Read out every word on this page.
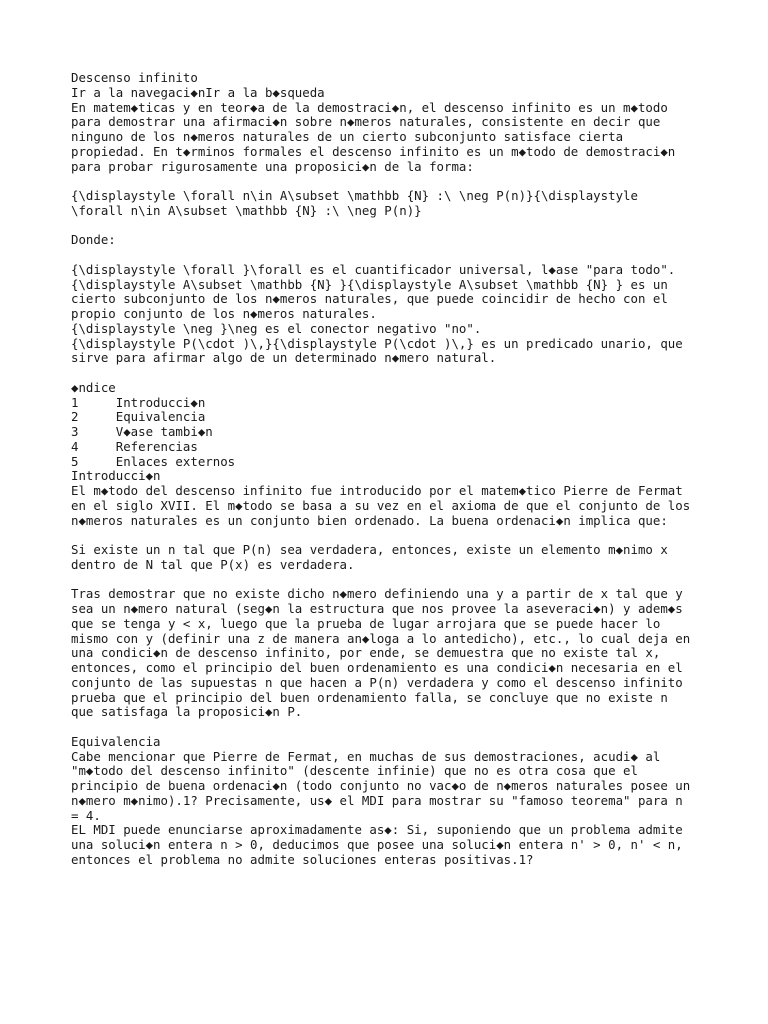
Descenso infinito
Ir a la navegaci◆nIr a la b◆squeda
En matem◆ticas y en teor◆a de la demostraci◆n, el descenso infinito es un m◆todo
para demostrar una afirmaci◆n sobre n◆meros naturales, consistente en decir que
ninguno de los n◆meros naturales de un cierto subconjunto satisface cierta
propiedad. En t◆rminos formales el descenso infinito es un m◆todo de demostraci◆n
para probar rigurosamente una proposici◆n de la forma:
{\displaystyle \forall n\in A\subset \mathbb {N} :\ \neg P(n)}{\displaystyle
\forall n\in A\subset \mathbb {N} :\ \neg P(n)}
Donde:
{\displaystyle \forall }\forall es el cuantificador universal, l◆ase "para todo".
{\displaystyle A\subset \mathbb {N} }{\displaystyle A\subset \mathbb {N} } es un
cierto subconjunto de los n◆meros naturales, que puede coincidir de hecho con el
propio conjunto de los n◆meros naturales.
{\displaystyle \neg }\neg es el conector negativo "no".
{\displaystyle P(\cdot )\,}{\displaystyle P(\cdot )\,} es un predicado unario, que
sirve para afirmar algo de un determinado n◆mero natural.
◆ndice
1     Introducci◆n
2     Equivalencia
3     V◆ase tambi◆n
4     Referencias
5     Enlaces externos
Introducci◆n
El m◆todo del descenso infinito fue introducido por el matem◆tico Pierre de Fermat
en el siglo XVII. El m◆todo se basa a su vez en el axioma de que el conjunto de los
n◆meros naturales es un conjunto bien ordenado. La buena ordenaci◆n implica que:
Si existe un n tal que P(n) sea verdadera, entonces, existe un elemento m◆nimo x
dentro de N tal que P(x) es verdadera.
Tras demostrar que no existe dicho n◆mero definiendo una y a partir de x tal que y
sea un n◆mero natural (seg◆n la estructura que nos provee la aseveraci◆n) y adem◆s
que se tenga y < x, luego que la prueba de lugar arrojara que se puede hacer lo
mismo con y (definir una z de manera an◆loga a lo antedicho), etc., lo cual deja en
una condici◆n de descenso infinito, por ende, se demuestra que no existe tal x,
entonces, como el principio del buen ordenamiento es una condici◆n necesaria en el
conjunto de las supuestas n que hacen a P(n) verdadera y como el descenso infinito
prueba que el principio del buen ordenamiento falla, se concluye que no existe n
que satisfaga la proposici◆n P.
Equivalencia
Cabe mencionar que Pierre de Fermat, en muchas de sus demostraciones, acudi◆ al
"m◆todo del descenso infinito" (descente infinie) que no es otra cosa que el
principio de buena ordenaci◆n (todo conjunto no vac◆o de n◆meros naturales posee un
n◆mero m◆nimo).1? Precisamente, us◆ el MDI para mostrar su "famoso teorema" para n
= 4.
EL MDI puede enunciarse aproximadamente as◆: Si, suponiendo que un problema admite
una soluci◆n entera n > 0, deducimos que posee una soluci◆n entera n' > 0, n' < n,
entonces el problema no admite soluciones enteras positivas.1?
